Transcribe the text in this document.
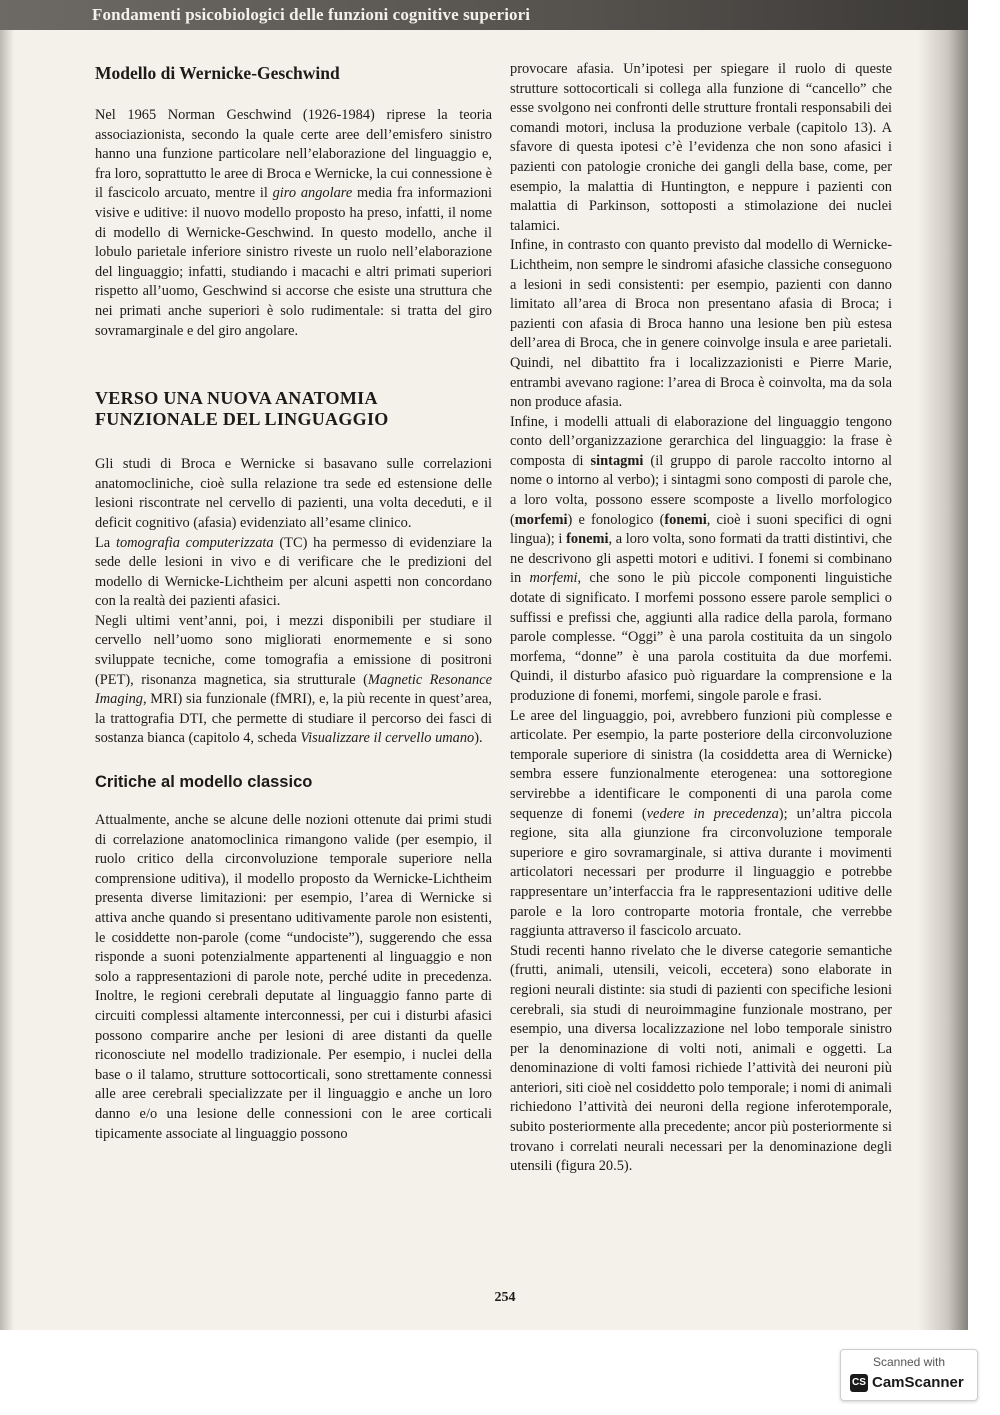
Fondamenti psicobiologici delle funzioni cognitive superiori
Modello di Wernicke-Geschwind

Nel 1965 Norman Geschwind (1926-1984) riprese la teoria associazionista, secondo la quale certe aree dell’emisfero sinistro hanno una funzione particolare nell’elaborazione del linguaggio e, fra loro, soprattutto le aree di Broca e Wernicke, la cui connessione è il fascicolo arcuato, mentre il giro angolare media fra informazioni visive e uditive: il nuovo modello proposto ha preso, infatti, il nome di modello di Wernicke-Geschwind. In questo modello, anche il lobulo parietale inferiore sinistro riveste un ruolo nell’elaborazione del linguaggio; infatti, studiando i macachi e altri primati superiori rispetto all’uomo, Geschwind si accorse che esiste una struttura che nei primati anche superiori è solo rudimentale: si tratta del giro sovramarginale e del giro angolare.

VERSO UNA NUOVA ANATOMIA
FUNZIONALE DEL LINGUAGGIO

Gli studi di Broca e Wernicke si basavano sulle correlazioni anatomocliniche, cioè sulla relazione tra sede ed estensione delle lesioni riscontrate nel cervello di pazienti, una volta deceduti, e il deficit cognitivo (afasia) evidenziato all’esame clinico.

La tomografia computerizzata (TC) ha permesso di evidenziare la sede delle lesioni in vivo e di verificare che le predizioni del modello di Wernicke-Lichtheim per alcuni aspetti non concordano con la realtà dei pazienti afasici.

Negli ultimi vent’anni, poi, i mezzi disponibili per studiare il cervello nell’uomo sono migliorati enormemente e si sono sviluppate tecniche, come tomografia a emissione di positroni (PET), risonanza magnetica, sia strutturale (Magnetic Resonance Imaging, MRI) sia funzionale (fMRI), e, la più recente in quest’area, la trattografia DTI, che permette di studiare il percorso dei fasci di sostanza bianca (capitolo 4, scheda Visualizzare il cervello umano).

Critiche al modello classico

Attualmente, anche se alcune delle nozioni ottenute dai primi studi di correlazione anatomoclinica rimangono valide (per esempio, il ruolo critico della circonvoluzione temporale superiore nella comprensione uditiva), il modello proposto da Wernicke-Lichtheim presenta diverse limitazioni: per esempio, l’area di Wernicke si attiva anche quando si presentano uditivamente parole non esistenti, le cosiddette non-parole (come “undociste”), suggerendo che essa risponde a suoni potenzialmente appartenenti al linguaggio e non solo a rappresentazioni di parole note, perché udite in precedenza. Inoltre, le regioni cerebrali deputate al linguaggio fanno parte di circuiti complessi altamente interconnessi, per cui i disturbi afasici possono comparire anche per lesioni di aree distanti da quelle riconosciute nel modello tradizionale. Per esempio, i nuclei della base o il talamo, strutture sottocorticali, sono strettamente connessi alle aree cerebrali specializzate per il linguaggio e anche un loro danno e/o una lesione delle connessioni con le aree corticali tipicamente associate al linguaggio possono

provocare afasia. Un’ipotesi per spiegare il ruolo di queste strutture sottocorticali si collega alla funzione di “cancello” che esse svolgono nei confronti delle strutture frontali responsabili dei comandi motori, inclusa la produzione verbale (capitolo 13). A sfavore di questa ipotesi c’è l’evidenza che non sono afasici i pazienti con patologie croniche dei gangli della base, come, per esempio, la malattia di Huntington, e neppure i pazienti con malattia di Parkinson, sottoposti a stimolazione dei nuclei talamici.

Infine, in contrasto con quanto previsto dal modello di Wernicke-Lichtheim, non sempre le sindromi afasiche classiche conseguono a lesioni in sedi consistenti: per esempio, pazienti con danno limitato all’area di Broca non presentano afasia di Broca; i pazienti con afasia di Broca hanno una lesione ben più estesa dell’area di Broca, che in genere coinvolge insula e aree parietali. Quindi, nel dibattito fra i localizzazionisti e Pierre Marie, entrambi avevano ragione: l’area di Broca è coinvolta, ma da sola non produce afasia.

Infine, i modelli attuali di elaborazione del linguaggio tengono conto dell’organizzazione gerarchica del linguaggio: la frase è composta di sintagmi (il gruppo di parole raccolto intorno al nome o intorno al verbo); i sintagmi sono composti di parole che, a loro volta, possono essere scomposte a livello morfologico (morfemi) e fonologico (fonemi, cioè i suoni specifici di ogni lingua); i fonemi, a loro volta, sono formati da tratti distintivi, che ne descrivono gli aspetti motori e uditivi. I fonemi si combinano in morfemi, che sono le più piccole componenti linguistiche dotate di significato. I morfemi possono essere parole semplici o suffissi e prefissi che, aggiunti alla radice della parola, formano parole complesse. “Oggi” è una parola costituita da un singolo morfema, “donne” è una parola costituita da due morfemi. Quindi, il disturbo afasico può riguardare la comprensione e la produzione di fonemi, morfemi, singole parole e frasi.

Le aree del linguaggio, poi, avrebbero funzioni più complesse e articolate. Per esempio, la parte posteriore della circonvoluzione temporale superiore di sinistra (la cosiddetta area di Wernicke) sembra essere funzionalmente eterogenea: una sottoregione servirebbe a identificare le componenti di una parola come sequenze di fonemi (vedere in precedenza); un’altra piccola regione, sita alla giunzione fra circonvoluzione temporale superiore e giro sovramarginale, si attiva durante i movimenti articolatori necessari per produrre il linguaggio e potrebbe rappresentare un’interfaccia fra le rappresentazioni uditive delle parole e la loro controparte motoria frontale, che verrebbe raggiunta attraverso il fascicolo arcuato.

Studi recenti hanno rivelato che le diverse categorie semantiche (frutti, animali, utensili, veicoli, eccetera) sono elaborate in regioni neurali distinte: sia studi di pazienti con specifiche lesioni cerebrali, sia studi di neuroimmagine funzionale mostrano, per esempio, una diversa localizzazione nel lobo temporale sinistro per la denominazione di volti noti, animali e oggetti. La denominazione di volti famosi richiede l’attività dei neuroni più anteriori, siti cioè nel cosiddetto polo temporale; i nomi di animali richiedono l’attività dei neuroni della regione inferotemporale, subito posteriormente alla precedente; ancor più posteriormente si trovano i correlati neurali necessari per la denominazione degli utensili (figura 20.5).

254
Scanned with
CS CamScanner
